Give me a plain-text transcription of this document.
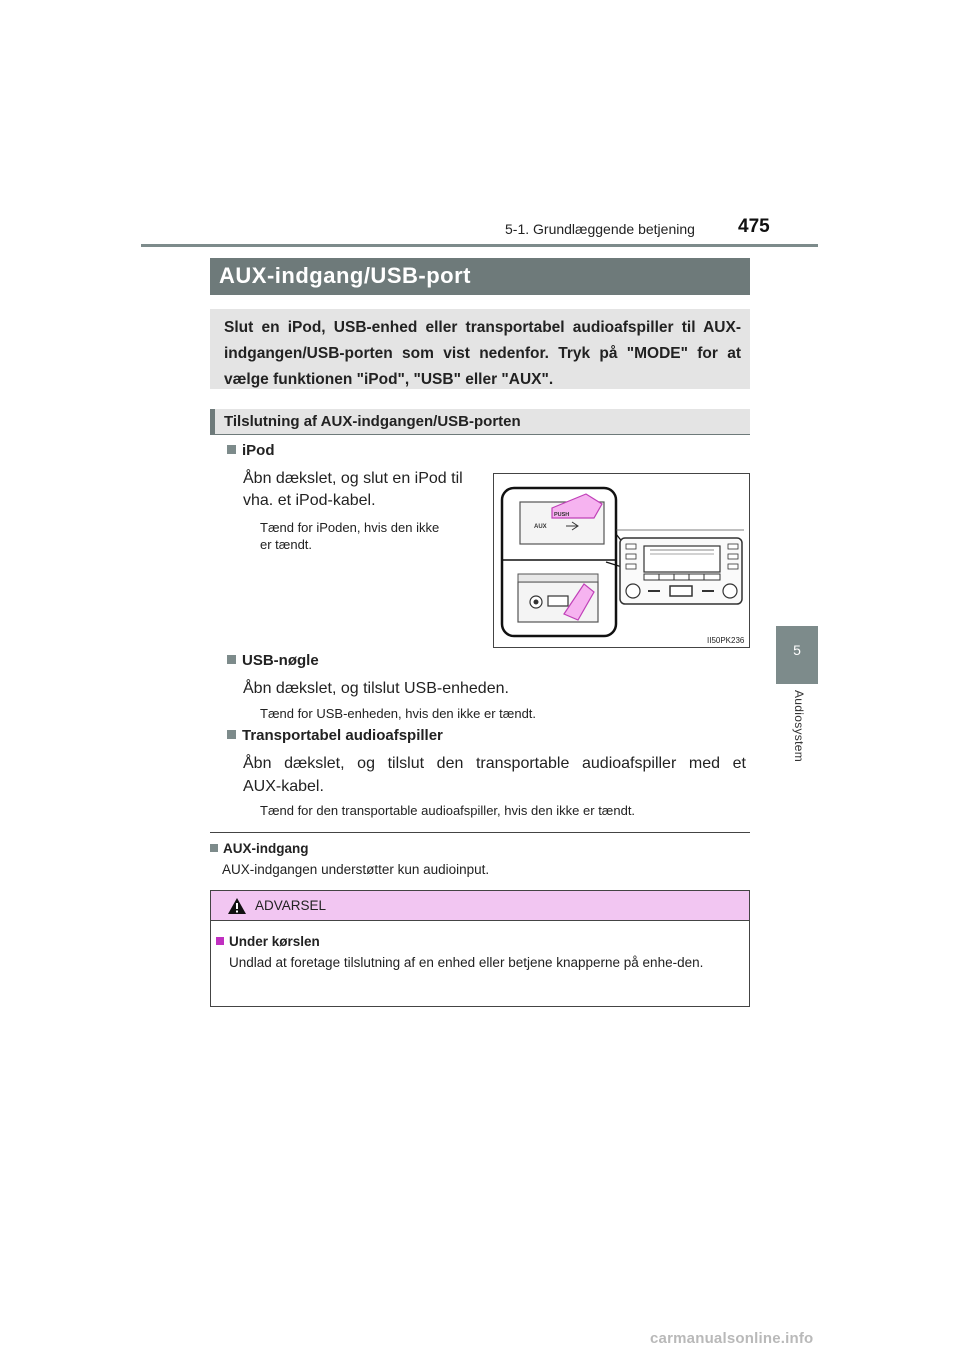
5-1. Grundlæggende betjening 475
5
Audiosystem
AUX-indgang/USB-port
Slut en iPod, USB-enhed eller transportabel audioafspiller til AUX-indgangen/USB-porten som vist nedenfor. Tryk på "MODE" for at vælge funktionen "iPod", "USB" eller "AUX".
Tilslutning af AUX-indgangen/USB-porten
iPod
Åbn dækslet, og slut en iPod til
vha. et iPod-kabel.
Tænd for iPoden, hvis den ikke
er tændt.
PUSH
AUX
II50PK236
USB-nøgle
Åbn dækslet, og tilslut USB-enheden.
Tænd for USB-enheden, hvis den ikke er tændt.
Transportabel audioafspiller
Åbn dækslet, og tilslut den transportable audioafspiller med et
AUX-kabel.
Tænd for den transportable audioafspiller, hvis den ikke er tændt.
AUX-indgang
AUX-indgangen understøtter kun audioinput.
ADVARSEL
Under kørslen
Undlad at foretage tilslutning af en enhed eller betjene knapperne på enhe-den.
carmanualsonline.info
